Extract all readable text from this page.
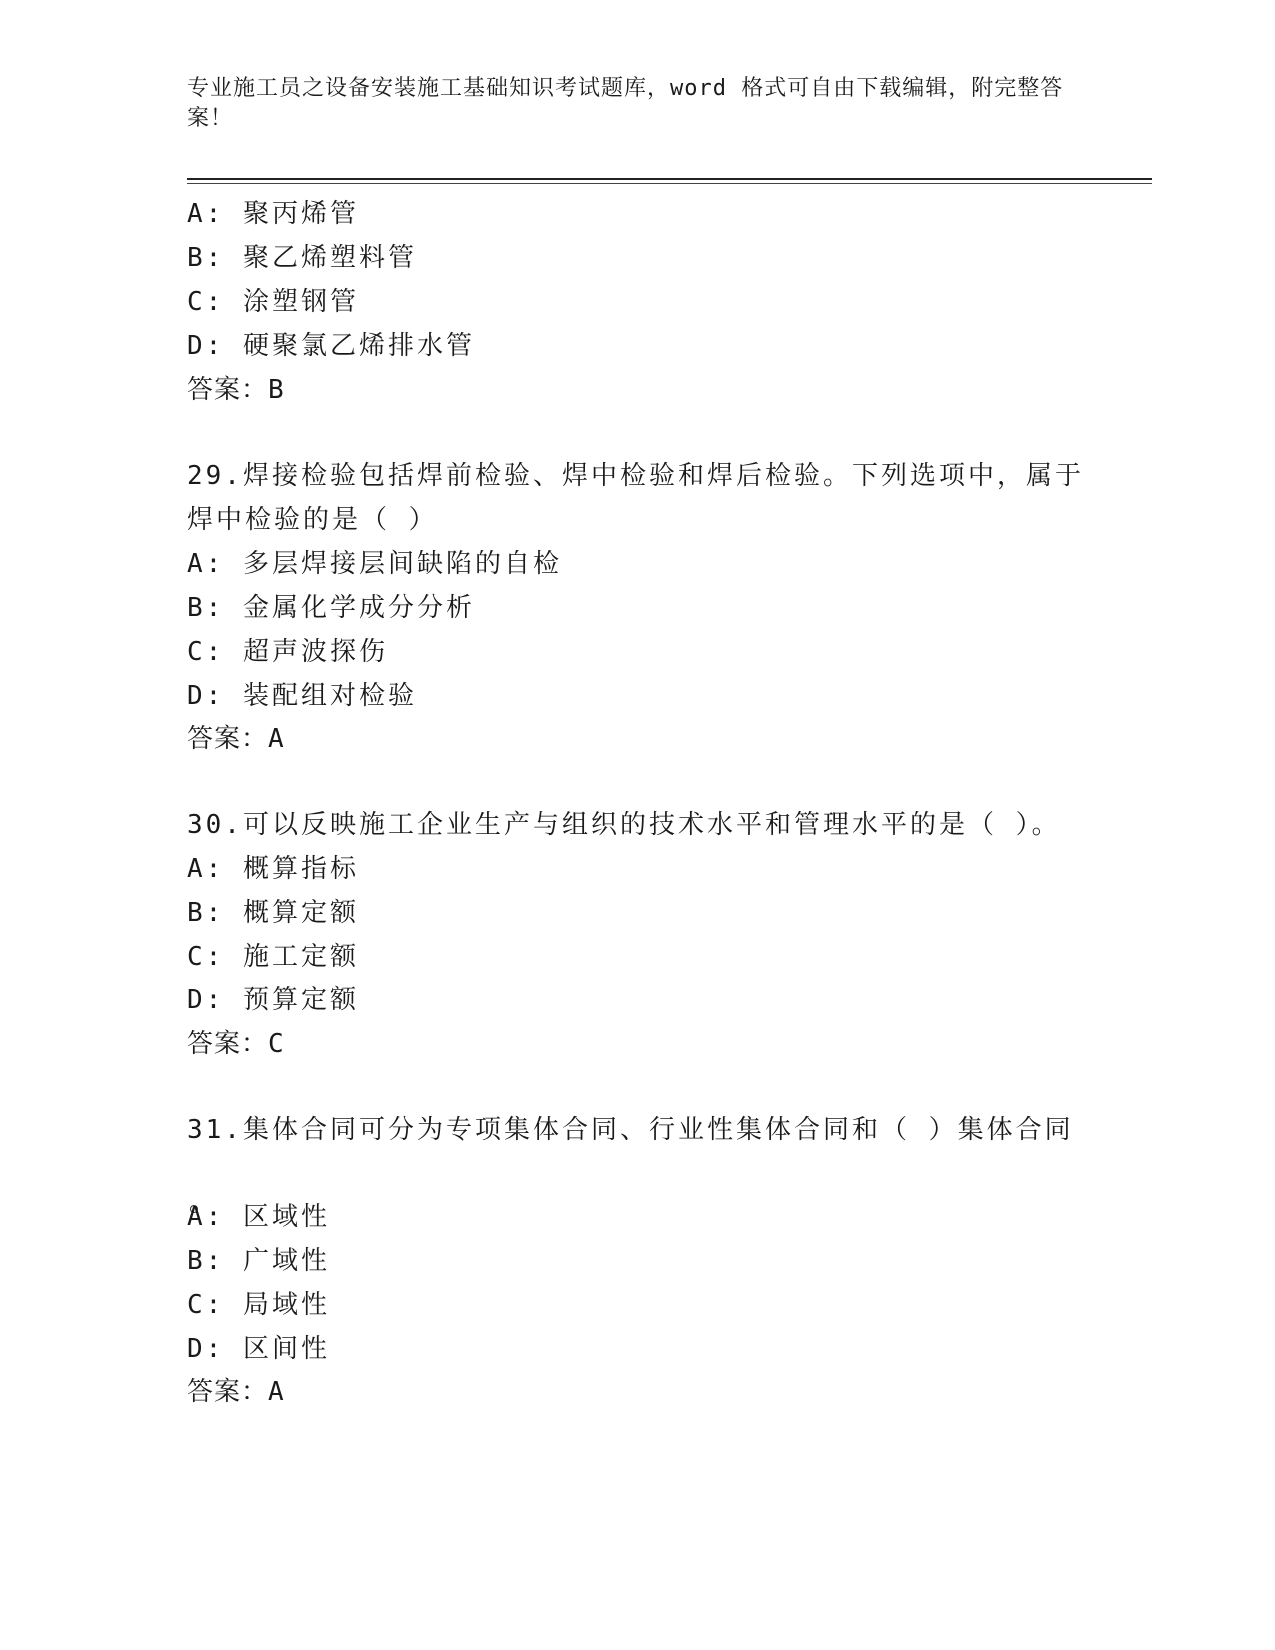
专业施工员之设备安装施工基础知识考试题库，word 格式可自由下载编辑，附完整答案！
A: 聚丙烯管
B: 聚乙烯塑料管
C: 涂塑钢管
D: 硬聚氯乙烯排水管
答案：B
29.焊接检验包括焊前检验、焊中检验和焊后检验。下列选项中，属于
焊中检验的是（ ）
A: 多层焊接层间缺陷的自检
B: 金属化学成分分析
C: 超声波探伤
D: 装配组对检验
答案：A
30.可以反映施工企业生产与组织的技术水平和管理水平的是（ ）。
A: 概算指标
B: 概算定额
C: 施工定额
D: 预算定额
答案：C
31.集体合同可分为专项集体合同、行业性集体合同和（ ）集体合同
A: 区域性
B: 广域性
C: 局域性
D: 区间性
答案：A
